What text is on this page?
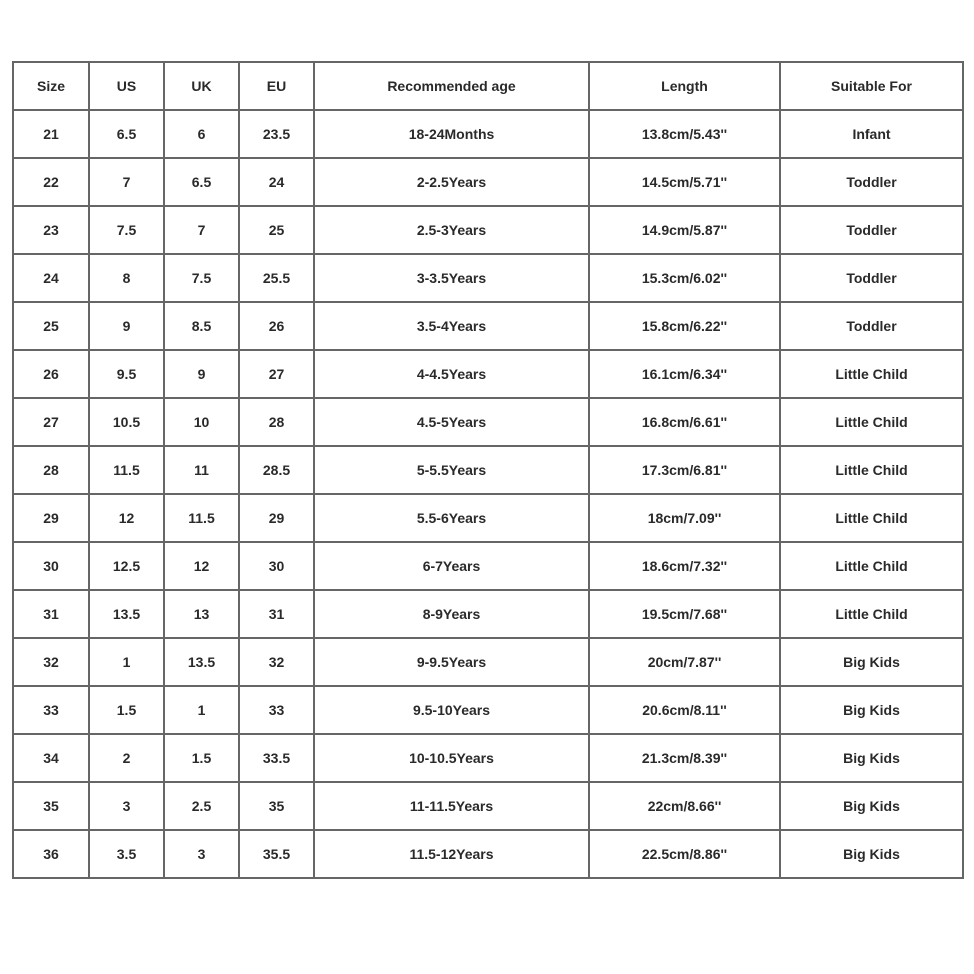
Size	US	UK	EU	Recommended age	Length	Suitable For
21	6.5	6	23.5	18-24Months	13.8cm/5.43''	Infant
22	7	6.5	24	2-2.5Years	14.5cm/5.71''	Toddler
23	7.5	7	25	2.5-3Years	14.9cm/5.87''	Toddler
24	8	7.5	25.5	3-3.5Years	15.3cm/6.02''	Toddler
25	9	8.5	26	3.5-4Years	15.8cm/6.22''	Toddler
26	9.5	9	27	4-4.5Years	16.1cm/6.34''	Little Child
27	10.5	10	28	4.5-5Years	16.8cm/6.61''	Little Child
28	11.5	11	28.5	5-5.5Years	17.3cm/6.81''	Little Child
29	12	11.5	29	5.5-6Years	18cm/7.09''	Little Child
30	12.5	12	30	6-7Years	18.6cm/7.32''	Little Child
31	13.5	13	31	8-9Years	19.5cm/7.68''	Little Child
32	1	13.5	32	9-9.5Years	20cm/7.87''	Big Kids
33	1.5	1	33	9.5-10Years	20.6cm/8.11''	Big Kids
34	2	1.5	33.5	10-10.5Years	21.3cm/8.39''	Big Kids
35	3	2.5	35	11-11.5Years	22cm/8.66''	Big Kids
36	3.5	3	35.5	11.5-12Years	22.5cm/8.86''	Big Kids
